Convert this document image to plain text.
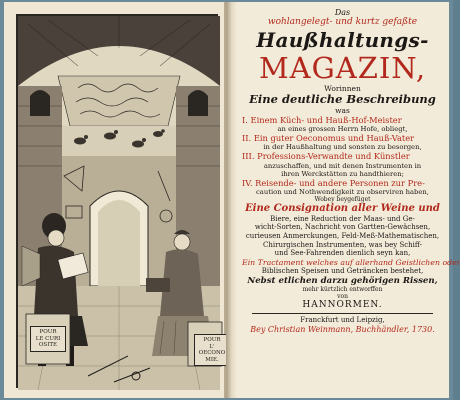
POUR
LE CURI
OSITE
POUR
L' OECONO
MIE.
Das
wohlangelegt- und kurtz gefaßte
Haußhaltungs-
MAGAZIN,
Worinnen
Eine deutliche Beschreibung
was
I. Einem Küch- und Hauß-Hof-Meister
an eines grossen Herrn Hofe, obliegt,
II. Ein guter Oeconomus und Hauß-Vater
in der Haußhaltung und sonsten zu besorgen,
III. Professions-Verwandte und Künstler
anzuschaffen, und mit denen Instrumenten in
ihren Werckstätten zu handthieren;
IV. Reisende- und andere Personen zur Pre-
caution und Nothwendigkeit zu observiren haben,
Wobey beygefüget
Eine Consignation aller Weine und
Biere, eine Reduction der Maas- und Ge-
wicht-Sorten, Nachricht von Gartten-Gewächsen,
curieusen Anmerckungen, Feld-Meß-Mathematischen,
Chirurgischen Instrumenten, was bey Schiff-
und See-Fahrenden dienlich seyn kan,
Ein Tractament welches auf allerhand Geistlichen oder
Biblischen Speisen und Geträncken bestehet,
Nebst etlichen darzu gehörigen Rissen,
mehr kürtzlich entworffen
von
HANNORMEN.
Franckfurt und Leipzig,
Bey Christian Weinmann, Buchhändler, 1730.
